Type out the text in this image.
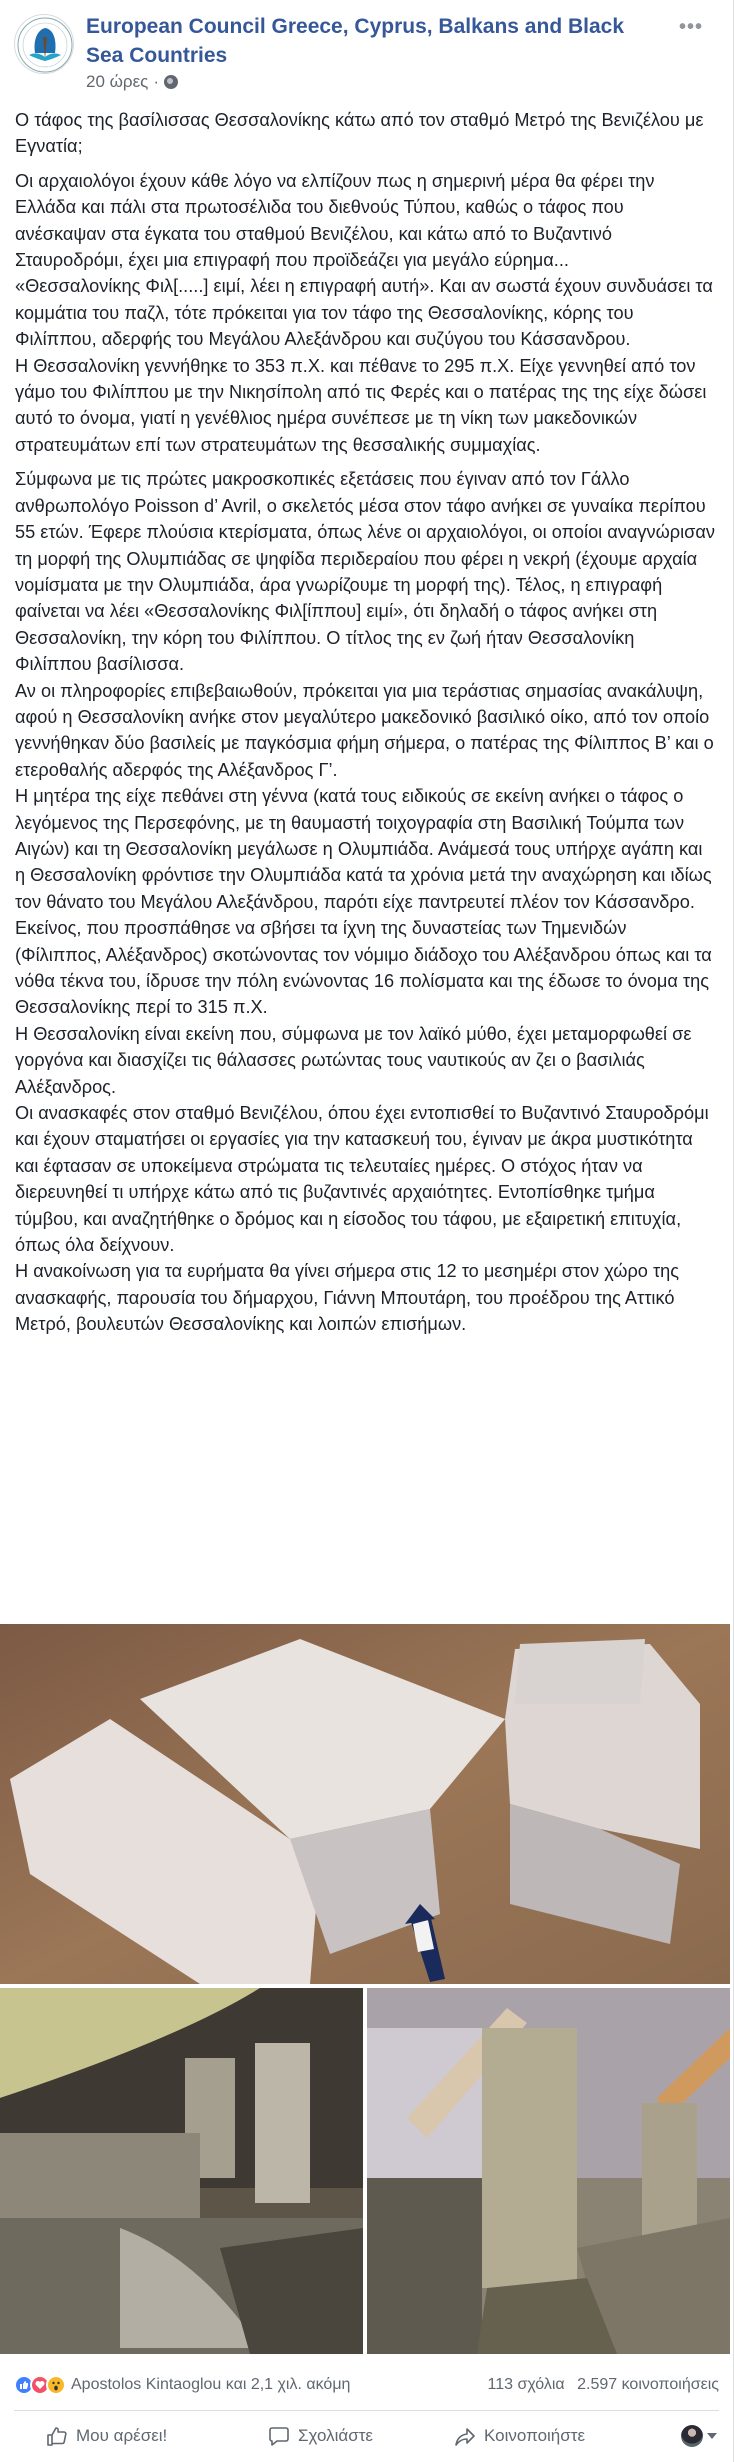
·····
European Council Greece, Cyprus, Balkans and Black Sea Countries
20 ώρες ·
•••

Ο τάφος της βασίλισσας Θεσσαλονίκης κάτω από τον σταθμό Μετρό της Βενιζέλου με Εγνατία;

Οι αρχαιολόγοι έχουν κάθε λόγο να ελπίζουν πως η σημερινή μέρα θα φέρει την Ελλάδα και πάλι στα πρωτοσέλιδα του διεθνούς Τύπου, καθώς ο τάφος που ανέσκαψαν στα έγκατα του σταθμού Βενιζέλου, και κάτω από το Βυζαντινό Σταυροδρόμι, έχει μια επιγραφή που προϊδεάζει για μεγάλο εύρημα...

«Θεσσαλονίκης Φιλ[.....] ειμί, λέει η επιγραφή αυτή». Και αν σωστά έχουν συνδυάσει τα κομμάτια του παζλ, τότε πρόκειται για τον τάφο της Θεσσαλονίκης, κόρης του Φιλίππου, αδερφής του Μεγάλου Αλεξάνδρου και συζύγου του Κάσσανδρου.

Η Θεσσαλονίκη γεννήθηκε το 353 π.Χ. και πέθανε το 295 π.Χ. Είχε γεννηθεί από τον γάμο του Φιλίππου με την Νικησίπολη από τις Φερές και ο πατέρας της της είχε δώσει αυτό το όνομα, γιατί η γενέθλιος ημέρα συνέπεσε με τη νίκη των μακεδονικών στρατευμάτων επί των στρατευμάτων της θεσσαλικής συμμαχίας.

Σύμφωνα με τις πρώτες μακροσκοπικές εξετάσεις που έγιναν από τον Γάλλο ανθρωπολόγο Poisson d’ Avril, ο σκελετός μέσα στον τάφο ανήκει σε γυναίκα περίπου 55 ετών. Έφερε πλούσια κτερίσματα, όπως λένε οι αρχαιολόγοι, οι οποίοι αναγνώρισαν τη μορφή της Ολυμπιάδας σε ψηφίδα περιδεραίου που φέρει η νεκρή (έχουμε αρχαία νομίσματα με την Ολυμπιάδα, άρα γνωρίζουμε τη μορφή της). Τέλος, η επιγραφή φαίνεται να λέει «Θεσσαλονίκης Φιλ[ίππου] ειμί», ότι δηλαδή ο τάφος ανήκει στη Θεσσαλονίκη, την κόρη του Φιλίππου. Ο τίτλος της εν ζωή ήταν Θεσσαλονίκη Φιλίππου βασίλισσα.

Αν οι πληροφορίες επιβεβαιωθούν, πρόκειται για μια τεράστιας σημασίας ανακάλυψη, αφού η Θεσσαλονίκη ανήκε στον μεγαλύτερο μακεδονικό βασιλικό οίκο, από τον οποίο γεννήθηκαν δύο βασιλείς με παγκόσμια φήμη σήμερα, ο πατέρας της Φίλιππος Β’ και ο ετεροθαλής αδερφός της Αλέξανδρος Γ’.

Η μητέρα της είχε πεθάνει στη γέννα (κατά τους ειδικούς σε εκείνη ανήκει ο τάφος ο λεγόμενος της Περσεφόνης, με τη θαυμαστή τοιχογραφία στη Βασιλική Τούμπα των Αιγών) και τη Θεσσαλονίκη μεγάλωσε η Ολυμπιάδα. Ανάμεσά τους υπήρχε αγάπη και η Θεσσαλονίκη φρόντισε την Ολυμπιάδα κατά τα χρόνια μετά την αναχώρηση και ιδίως τον θάνατο του Μεγάλου Αλεξάνδρου, παρότι είχε παντρευτεί πλέον τον Κάσσανδρο. Εκείνος, που προσπάθησε να σβήσει τα ίχνη της δυναστείας των Τημενιδών (Φίλιππος, Αλέξανδρος) σκοτώνοντας τον νόμιμο διάδοχο του Αλέξανδρου όπως και τα νόθα τέκνα του, ίδρυσε την πόλη ενώνοντας 16 πολίσματα και της έδωσε το όνομα της Θεσσαλονίκης περί το 315 π.Χ.

Η Θεσσαλονίκη είναι εκείνη που, σύμφωνα με τον λαϊκό μύθο, έχει μεταμορφωθεί σε γοργόνα και διασχίζει τις θάλασσες ρωτώντας τους ναυτικούς αν ζει ο βασιλιάς Αλέξανδρος.

Οι ανασκαφές στον σταθμό Βενιζέλου, όπου έχει εντοπισθεί το Βυζαντινό Σταυροδρόμι και έχουν σταματήσει οι εργασίες για την κατασκευή του, έγιναν με άκρα μυστικότητα και έφτασαν σε υποκείμενα στρώματα τις τελευταίες ημέρες. Ο στόχος ήταν να διερευνηθεί τι υπήρχε κάτω από τις βυζαντινές αρχαιότητες. Εντοπίσθηκε τμήμα τύμβου, και αναζητήθηκε ο δρόμος και η είσοδος του τάφου, με εξαιρετική επιτυχία, όπως όλα δείχνουν.

Η ανακοίνωση για τα ευρήματα θα γίνει σήμερα στις 12 το μεσημέρι στον χώρο της ανασκαφής, παρουσία του δήμαρχου, Γιάννη Μπουτάρη, του προέδρου της Αττικό Μετρό, βουλευτών Θεσσαλονίκης και λοιπών επισήμων.

Apostolos Kintaoglou και 2,1 χιλ. ακόμη	113 σχόλια 2.597 κοινοποιήσεις
Μου αρέσει!	Σχολιάστε	Κοινοποιήστε
